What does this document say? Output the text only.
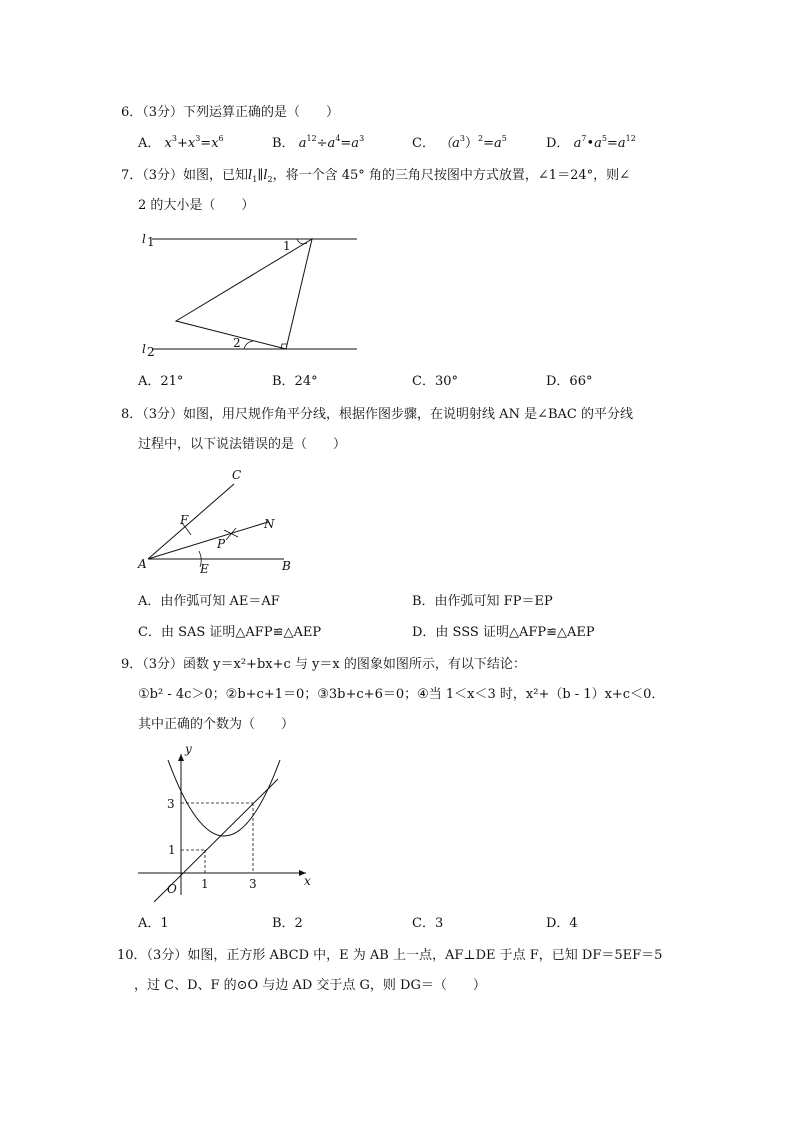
6．（3分）下列运算正确的是（　　）
A． $x^3+x^3=x^6$	B． $a^{12}\div a^4=a^3$	C． $(a^3)^2=a^5$	D． $a^7•a^5=a^{12}$
7．（3分）如图，已知$l_1\parallel l_2$，将一个含 45° 角的三角尺按图中方式放置，∠1＝24°，则∠
2 的大小是（　　）
l 1
l 2
1
2
A．21°	B．24°	C．30°	D．66°
8．（3分）如图，用尺规作角平分线，根据作图步骤，在说明射线 AN 是∠BAC 的平分线
过程中，以下说法错误的是（　　）
A	B
C
E
F	N
P
A．由作弧可知 AE＝AF	B．由作弧可知 FP＝EP
C．由 SAS 证明△AFP≌△AEP	D．由 SSS 证明△AFP≌△AEP
9．（3分）函数 y＝x²+bx+c 与 y＝x 的图象如图所示，有以下结论：
①b² - 4c＞0；②b+c+1＝0；③3b+c+6＝0；④当 1＜x＜3 时，x²+（b - 1）x+c＜0．
其中正确的个数为（　　）
y
x
O 1	3
1
3
A．1	B．2	C．3	D．4
10．（3分）如图，正方形 ABCD 中，E 为 AB 上一点，AF⊥DE 于点 F，已知 DF＝5EF＝5
，过 C、D、F 的⊙O 与边 AD 交于点 G，则 DG＝（　　）
